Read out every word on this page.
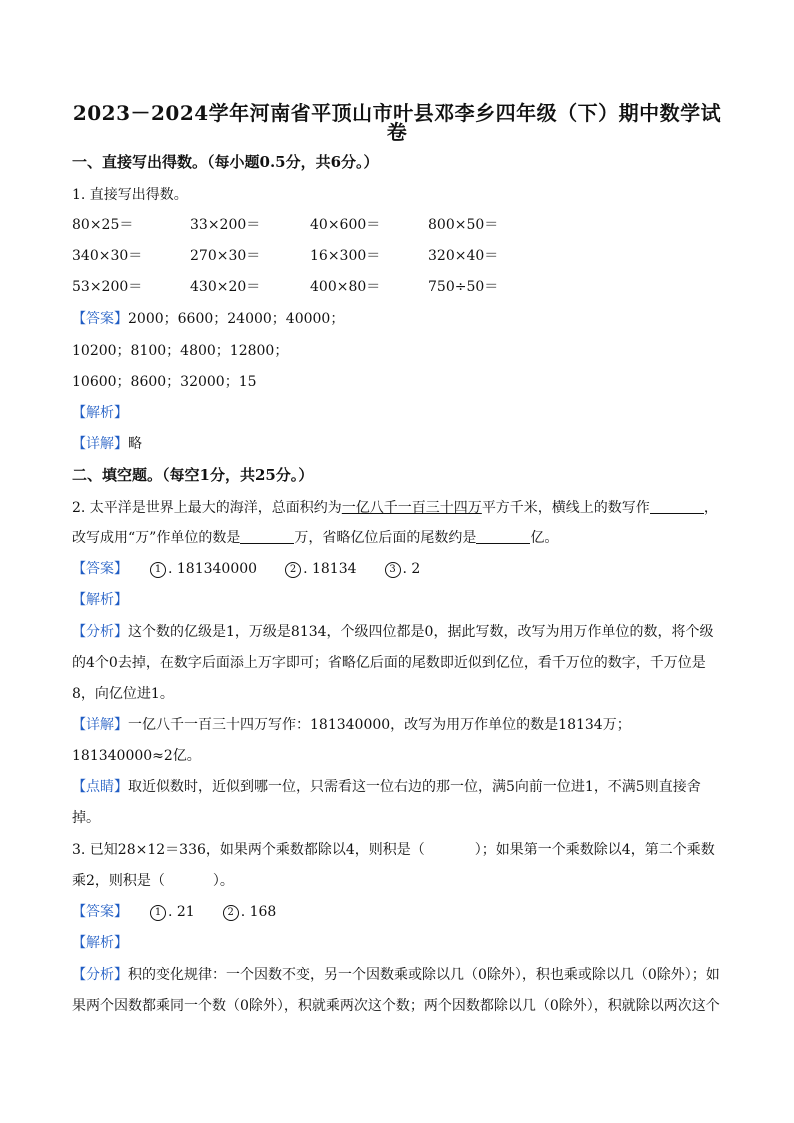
2023－2024学年河南省平顶山市叶县邓李乡四年级（下）期中数学试
卷
一、直接写出得数。（每小题0.5分，共6分。）
1. 直接写出得数。
80×25＝	33×200＝	40×600＝	800×50＝
340×30＝	270×30＝	16×300＝	320×40＝
53×200＝	430×20＝	400×80＝	750÷50＝
【答案】2000；6600；24000；40000；
10200；8100；4800；12800；
10600；8600；32000；15
【解析】
【详解】略
二、填空题。（每空1分，共25分。）
2. 太平洋是世界上最大的海洋，总面积约为一亿八千一百三十四万平方千米，横线上的数写作	，
改写成用“万”作单位的数是	万，省略亿位后面的尾数约是	亿。
【答案】	1 . 181340000	2 . 18134	3 . 2
【解析】
【分析】这个数的亿级是1，万级是8134，个级四位都是0，据此写数，改写为用万作单位的数，将个级
的4个0去掉，在数字后面添上万字即可；省略亿后面的尾数即近似到亿位，看千万位的数字，千万位是
8，向亿位进1。
【详解】一亿八千一百三十四万写作：181340000，改写为用万作单位的数是18134万；
181340000≈2亿。
【点睛】取近似数时，近似到哪一位，只需看这一位右边的那一位，满5向前一位进1，不满5则直接舍
掉。
3. 已知28×12＝336，如果两个乘数都除以4，则积是（	）；如果第一个乘数除以4，第二个乘数
乘2，则积是（	）。
【答案】	1 . 21	2 . 168
【解析】
【分析】积的变化规律：一个因数不变，另一个因数乘或除以几（0除外），积也乘或除以几（0除外）；如
果两个因数都乘同一个数（0除外），积就乘两次这个数；两个因数都除以几（0除外），积就除以两次这个
